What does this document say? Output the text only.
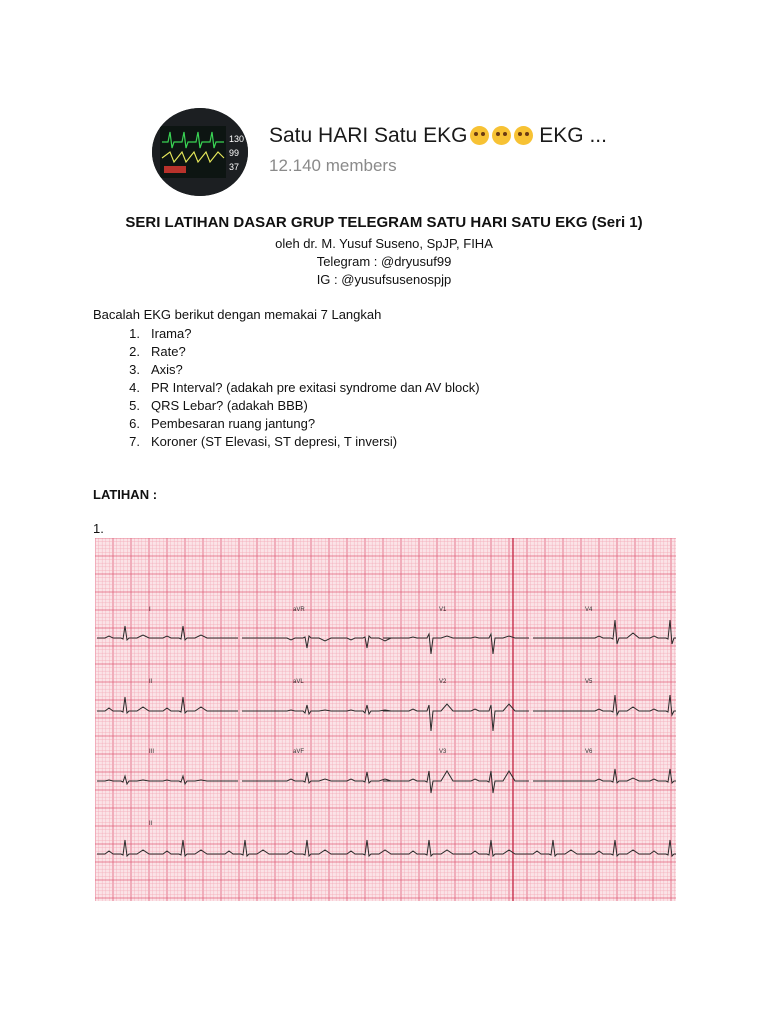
130
99
37
Satu HARI Satu EKG	EKG ...
12.140 members
SERI LATIHAN DASAR GRUP TELEGRAM SATU HARI SATU EKG (Seri 1)
oleh dr. M. Yusuf Suseno, SpJP, FIHA
Telegram : @dryusuf99
IG : @yusufsusenospjp
Bacalah EKG berikut dengan memakai 7 Langkah
1. Irama?
2. Rate?
3. Axis?
4. PR Interval? (adakah pre exitasi syndrome dan AV block)
5. QRS Lebar? (adakah BBB)
6. Pembesaran ruang jantung?
7. Koroner (ST Elevasi, ST depresi, T inversi)
LATIHAN :
1.
I	aVR	V1	V4
II	aVL	V2	V5
III	aVF	V3	V6
II
